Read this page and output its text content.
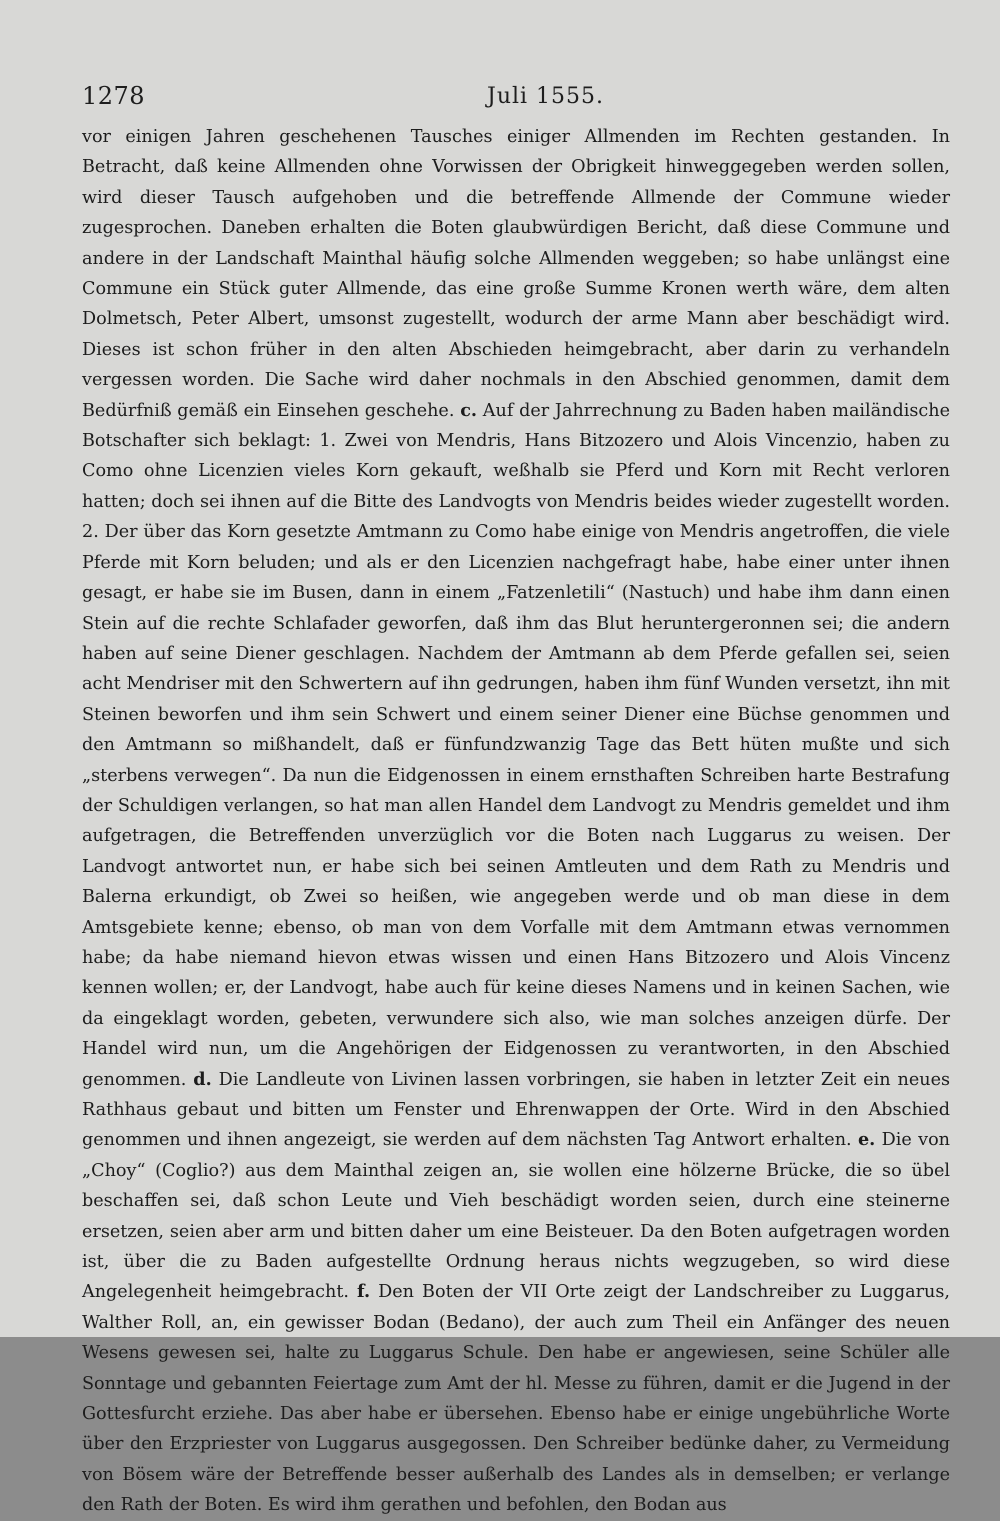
1278	Juli 1555.

vor einigen Jahren geschehenen Tausches einiger Allmenden im Rechten gestanden. In Betracht, daß keine Allmenden ohne Vorwissen der Obrigkeit hinweggegeben werden sollen, wird dieser Tausch aufgehoben und die betreffende Allmende der Commune wieder zugesprochen. Daneben erhalten die Boten glaubwürdigen Bericht, daß diese Commune und andere in der Landschaft Mainthal häufig solche Allmenden weggeben; so habe unlängst eine Commune ein Stück guter Allmende, das eine große Summe Kronen werth wäre, dem alten Dolmetsch, Peter Albert, umsonst zugestellt, wodurch der arme Mann aber beschädigt wird. Dieses ist schon früher in den alten Abschieden heimgebracht, aber darin zu verhandeln vergessen worden. Die Sache wird daher nochmals in den Abschied genommen, damit dem Bedürfniß gemäß ein Einsehen geschehe. c. Auf der Jahrrechnung zu Baden haben mailändische Botschafter sich beklagt: 1. Zwei von Mendris, Hans Bitzozero und Alois Vincenzio, haben zu Como ohne Licenzien vieles Korn gekauft, weßhalb sie Pferd und Korn mit Recht verloren hatten; doch sei ihnen auf die Bitte des Landvogts von Mendris beides wieder zugestellt worden. 2. Der über das Korn gesetzte Amtmann zu Como habe einige von Mendris angetroffen, die viele Pferde mit Korn beluden; und als er den Licenzien nachgefragt habe, habe einer unter ihnen gesagt, er habe sie im Busen, dann in einem „Fatzenletili“ (Nastuch) und habe ihm dann einen Stein auf die rechte Schlafader geworfen, daß ihm das Blut heruntergeronnen sei; die andern haben auf seine Diener geschlagen. Nachdem der Amtmann ab dem Pferde gefallen sei, seien acht Mendriser mit den Schwertern auf ihn gedrungen, haben ihm fünf Wunden versetzt, ihn mit Steinen beworfen und ihm sein Schwert und einem seiner Diener eine Büchse genommen und den Amtmann so mißhandelt, daß er fünfundzwanzig Tage das Bett hüten mußte und sich „sterbens verwegen“. Da nun die Eidgenossen in einem ernsthaften Schreiben harte Bestrafung der Schuldigen verlangen, so hat man allen Handel dem Landvogt zu Mendris gemeldet und ihm aufgetragen, die Betreffenden unverzüglich vor die Boten nach Luggarus zu weisen. Der Landvogt antwortet nun, er habe sich bei seinen Amtleuten und dem Rath zu Mendris und Balerna erkundigt, ob Zwei so heißen, wie angegeben werde und ob man diese in dem Amtsgebiete kenne; ebenso, ob man von dem Vorfalle mit dem Amtmann etwas vernommen habe; da habe niemand hievon etwas wissen und einen Hans Bitzozero und Alois Vincenz kennen wollen; er, der Landvogt, habe auch für keine dieses Namens und in keinen Sachen, wie da eingeklagt worden, gebeten, verwundere sich also, wie man solches anzeigen dürfe. Der Handel wird nun, um die Angehörigen der Eidgenossen zu verantworten, in den Abschied genommen. d. Die Landleute von Livinen lassen vorbringen, sie haben in letzter Zeit ein neues Rathhaus gebaut und bitten um Fenster und Ehrenwappen der Orte. Wird in den Abschied genommen und ihnen angezeigt, sie werden auf dem nächsten Tag Antwort erhalten. e. Die von „Choy“ (Coglio?) aus dem Mainthal zeigen an, sie wollen eine hölzerne Brücke, die so übel beschaffen sei, daß schon Leute und Vieh beschädigt worden seien, durch eine steinerne ersetzen, seien aber arm und bitten daher um eine Beisteuer. Da den Boten aufgetragen worden ist, über die zu Baden aufgestellte Ordnung heraus nichts wegzugeben, so wird diese Angelegenheit heimgebracht. f. Den Boten der VII Orte zeigt der Landschreiber zu Luggarus, Walther Roll, an, ein gewisser Bodan (Bedano), der auch zum Theil ein Anfänger des neuen Wesens gewesen sei, halte zu Luggarus Schule. Den habe er angewiesen, seine Schüler alle Sonntage und gebannten Feiertage zum Amt der hl. Messe zu führen, damit er die Jugend in der Gottesfurcht erziehe. Das aber habe er übersehen. Ebenso habe er einige ungebührliche Worte über den Erzpriester von Luggarus ausgegossen. Den Schreiber bedünke daher, zu Vermeidung von Bösem wäre der Betreffende besser außerhalb des Landes als in demselben; er verlange den Rath der Boten. Es wird ihm gerathen und befohlen, den Bodan aus
